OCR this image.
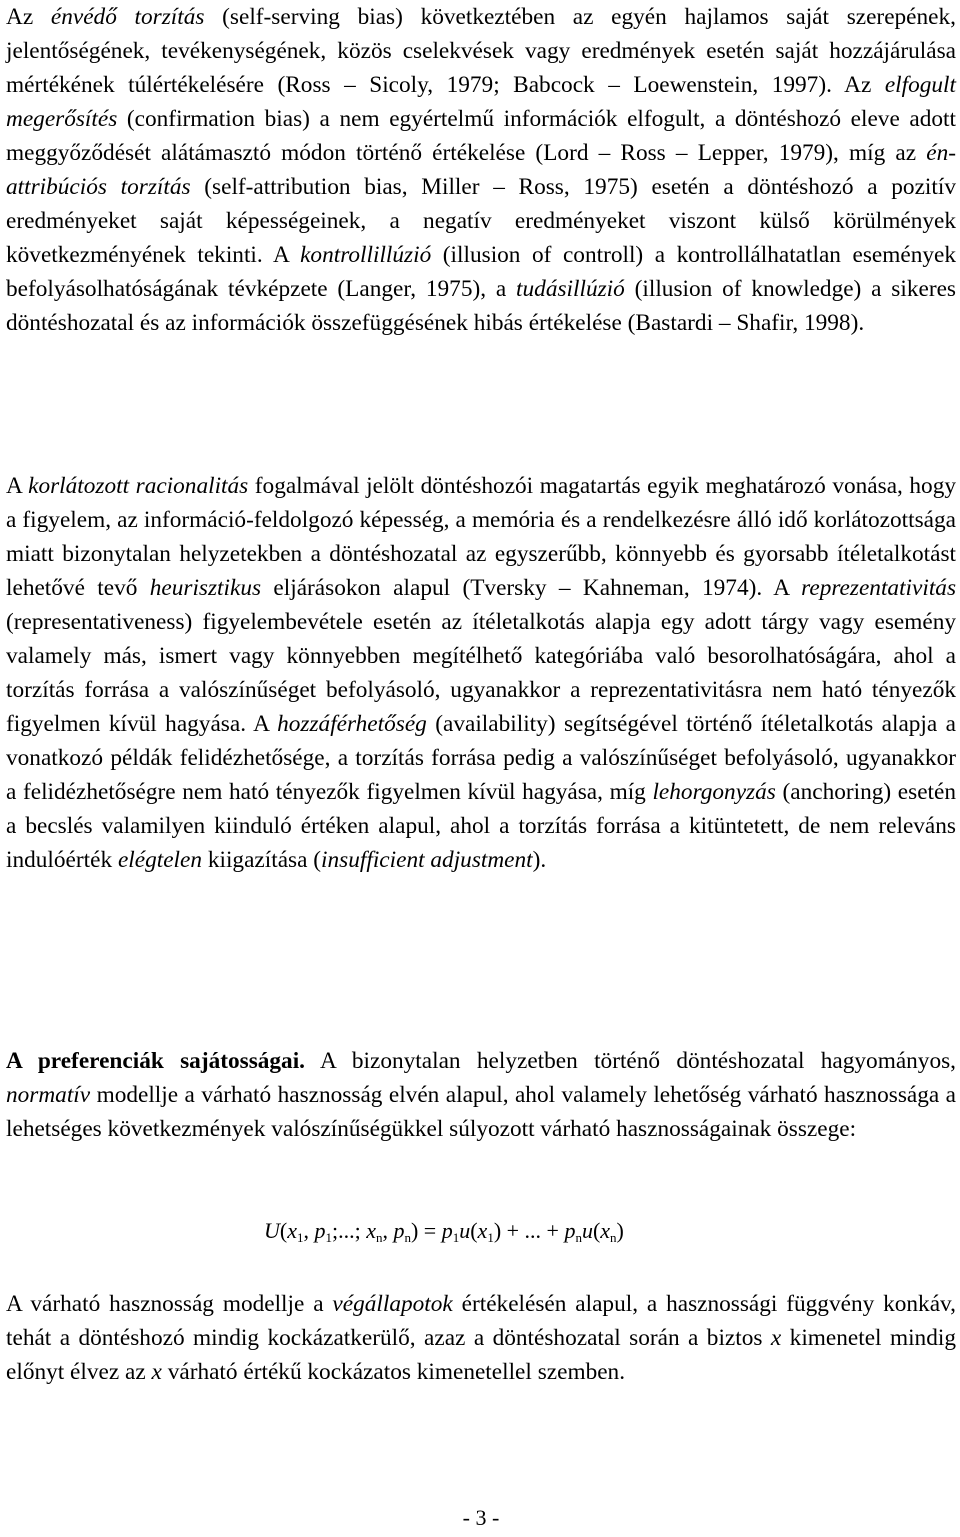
Az énvédő torzítás (self-serving bias) következtében az egyén hajlamos saját szerepének, jelentőségének, tevékenységének, közös cselekvések vagy eredmények esetén saját hozzájárulása mértékének túlértékelésére (Ross – Sicoly, 1979; Babcock – Loewenstein, 1997). Az elfogult megerősítés (confirmation bias) a nem egyértelmű információk elfogult, a döntéshozó eleve adott meggyőződését alátámasztó módon történő értékelése (Lord – Ross – Lepper, 1979), míg az én-attribúciós torzítás (self-attribution bias, Miller – Ross, 1975) esetén a döntéshozó a pozitív eredményeket saját képességeinek, a negatív eredményeket viszont külső körülmények következményének tekinti. A kontrollillúzió (illusion of controll) a kontrollálhatatlan események befolyásolhatóságának tévképzete (Langer, 1975), a tudásillúzió (illusion of knowledge) a sikeres döntéshozatal és az információk összefüggésének hibás értékelése (Bastardi – Shafir, 1998).

A korlátozott racionalitás fogalmával jelölt döntéshozói magatartás egyik meghatározó vonása, hogy a figyelem, az információ-feldolgozó képesség, a memória és a rendelkezésre álló idő korlátozottsága miatt bizonytalan helyzetekben a döntéshozatal az egyszerűbb, könnyebb és gyorsabb ítéletalkotást lehetővé tevő heurisztikus eljárásokon alapul (Tversky – Kahneman, 1974). A reprezentativitás (representativeness) figyelembevétele esetén az ítéletalkotás alapja egy adott tárgy vagy esemény valamely más, ismert vagy könnyebben megítélhető kategóriába való besorolhatóságára, ahol a torzítás forrása a valószínűséget befolyásoló, ugyanakkor a reprezentativitásra nem ható tényezők figyelmen kívül hagyása. A hozzáférhetőség (availability) segítségével történő ítéletalkotás alapja a vonatkozó példák felidézhetősége, a torzítás forrása pedig a valószínűséget befolyásoló, ugyanakkor a felidézhetőségre nem ható tényezők figyelmen kívül hagyása, míg lehorgonyzás (anchoring) esetén a becslés valamilyen kiinduló értéken alapul, ahol a torzítás forrása a kitüntetett, de nem releváns indulóérték elégtelen kiigazítása (insufficient adjustment).

A preferenciák sajátosságai. A bizonytalan helyzetben történő döntéshozatal hagyományos, normatív modellje a várható hasznosság elvén alapul, ahol valamely lehetőség várható hasznossága a lehetséges következmények valószínűségükkel súlyozott várható hasznosságainak összege:

$U(x_1$, $p_1$;...; $x_n$, $p_n) = p_1u(x_1)$ + ... + $p_nu(x_n)$

A várható hasznosság modellje a végállapotok értékelésén alapul, a hasznossági függvény konkáv, tehát a döntéshozó mindig kockázatkerülő, azaz a döntéshozatal során a biztos x kimenetel mindig előnyt élvez az x várható értékű kockázatos kimenetellel szemben.

- 3 -
